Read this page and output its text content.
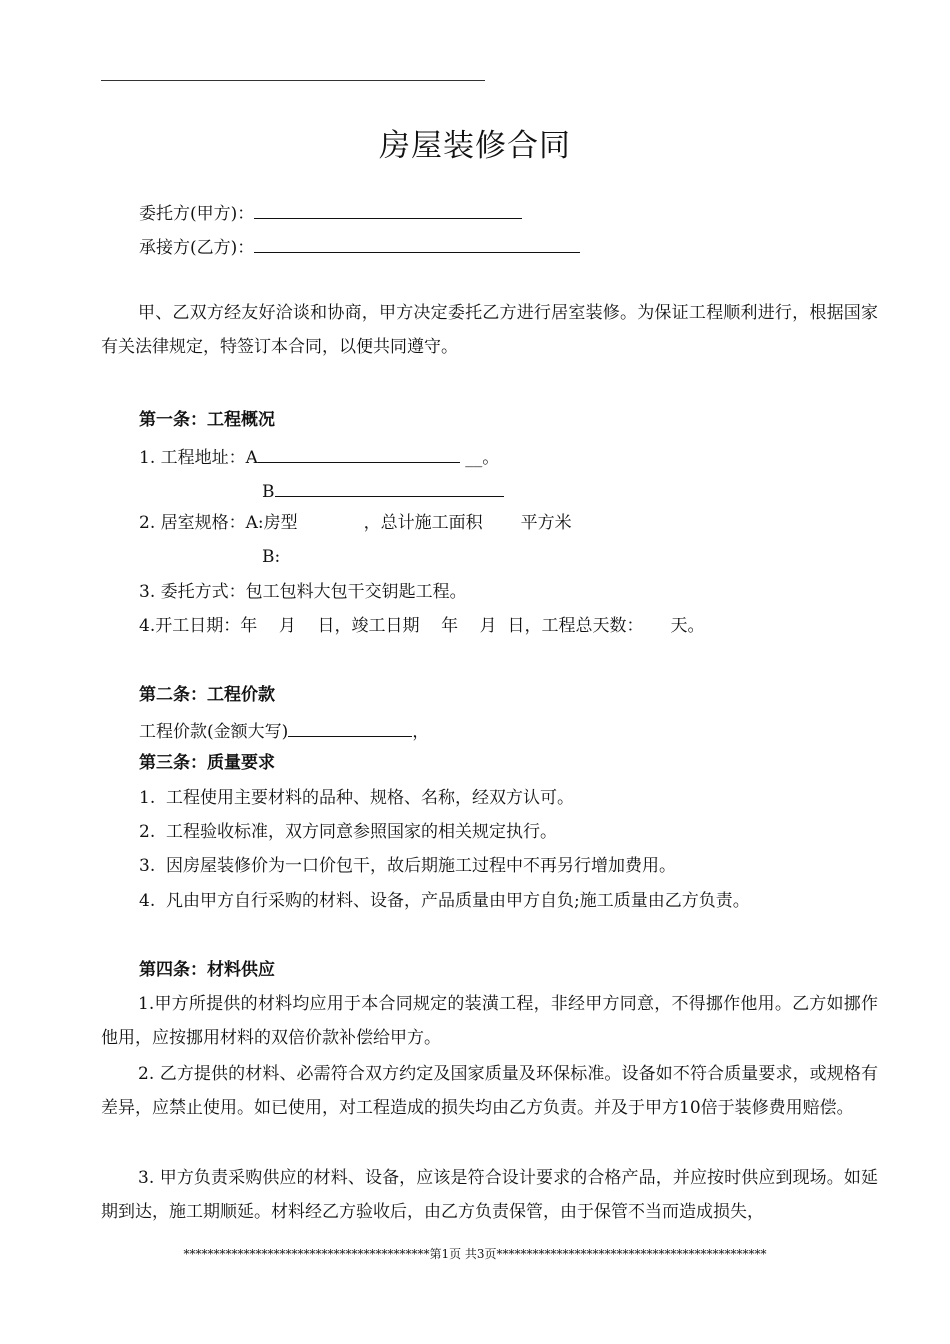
房屋装修合同
委托方(甲方)：
承接方(乙方)：
甲、乙双方经友好洽谈和协商，甲方决定委托乙方进行居室装修。为保证工程顺利进行，根据国家有关法律规定，特签订本合同，以便共同遵守。
第一条：工程概况
1. 工程地址：A	__。
B
2. 居室规格：A:房型	，总计施工面积 平方米
B:
3. 委托方式：包工包料大包干交钥匙工程。
4.开工日期：年    月    日，竣工日期    年    月  日，工程总天数：     天。
第二条：工程价款
工程价款(金额大写)	，
第三条：质量要求
1.  工程使用主要材料的品种、规格、名称，经双方认可。
2.  工程验收标准，双方同意参照国家的相关规定执行。
3.  因房屋装修价为一口价包干，故后期施工过程中不再另行增加费用。
4.  凡由甲方自行采购的材料、设备，产品质量由甲方自负;施工质量由乙方负责。
第四条：材料供应
1.甲方所提供的材料均应用于本合同规定的装潢工程，非经甲方同意，不得挪作他用。乙方如挪作他用，应按挪用材料的双倍价款补偿给甲方。
2. 乙方提供的材料、必需符合双方约定及国家质量及环保标准。设备如不符合质量要求，或规格有差异，应禁止使用。如已使用，对工程造成的损失均由乙方负责。并及于甲方10倍于装修费用赔偿。
3. 甲方负责采购供应的材料、设备，应该是符合设计要求的合格产品，并应按时供应到现场。如延期到达，施工期顺延。材料经乙方验收后，由乙方负责保管，由于保管不当而造成损失，
*****************************************第1页 共3页*********************************************
